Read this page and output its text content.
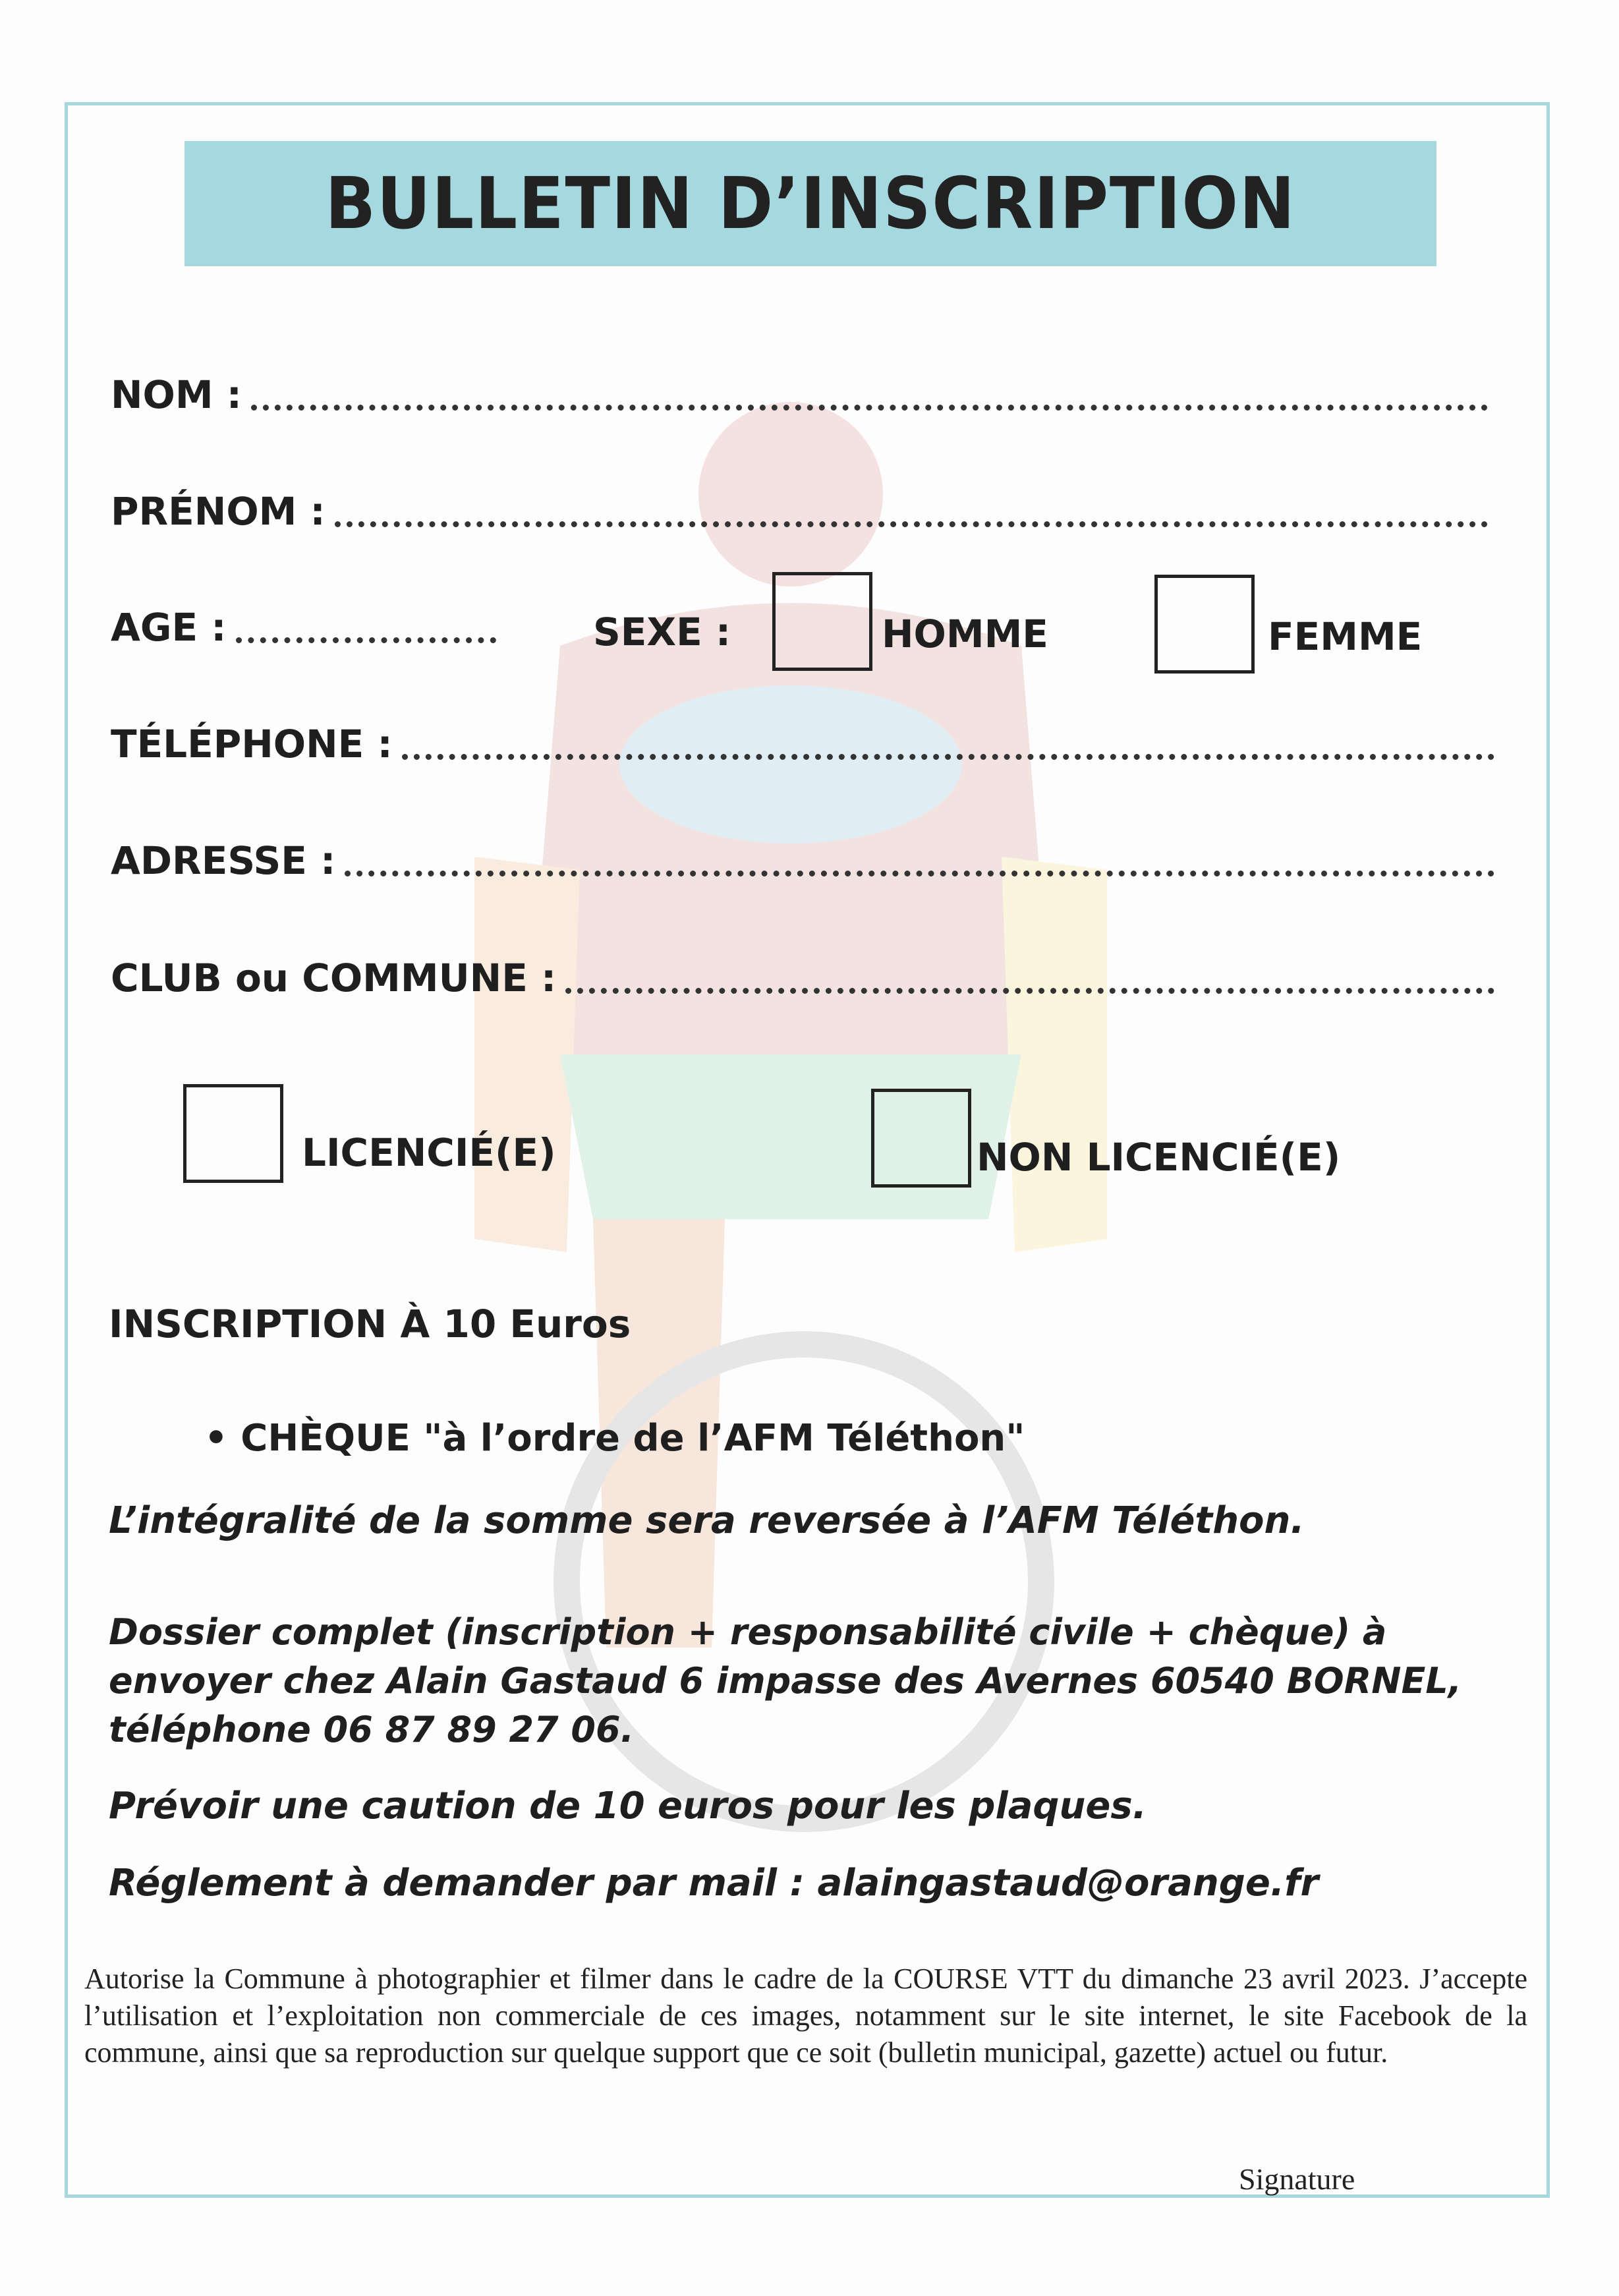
BULLETIN D’INSCRIPTION
NOM :
PRÉNOM :
AGE :	SEXE :	HOMME	FEMME
TÉLÉPHONE :
ADRESSE :
CLUB ou COMMUNE :
LICENCIÉ(E)	NON LICENCIÉ(E)
INSCRIPTION À 10 Euros
• CHÈQUE "à l’ordre de l’AFM Téléthon"
L’intégralité de la somme sera reversée à l’AFM Téléthon.
Dossier complet (inscription + responsabilité civile + chèque) à envoyer chez Alain Gastaud 6 impasse des Avernes 60540 BORNEL, téléphone 06 87 89 27 06.
Prévoir une caution de 10 euros pour les plaques.
Réglement à demander par mail : alaingastaud@orange.fr
Autorise la Commune à photographier et filmer dans le cadre de la COURSE VTT du dimanche 23 avril 2023. J’accepte l’utilisation et l’exploitation non commerciale de ces images, notamment sur le site internet, le site Facebook de la commune, ainsi que sa reproduction sur quelque support que ce soit (bulletin municipal, gazette) actuel ou futur.
Signature
